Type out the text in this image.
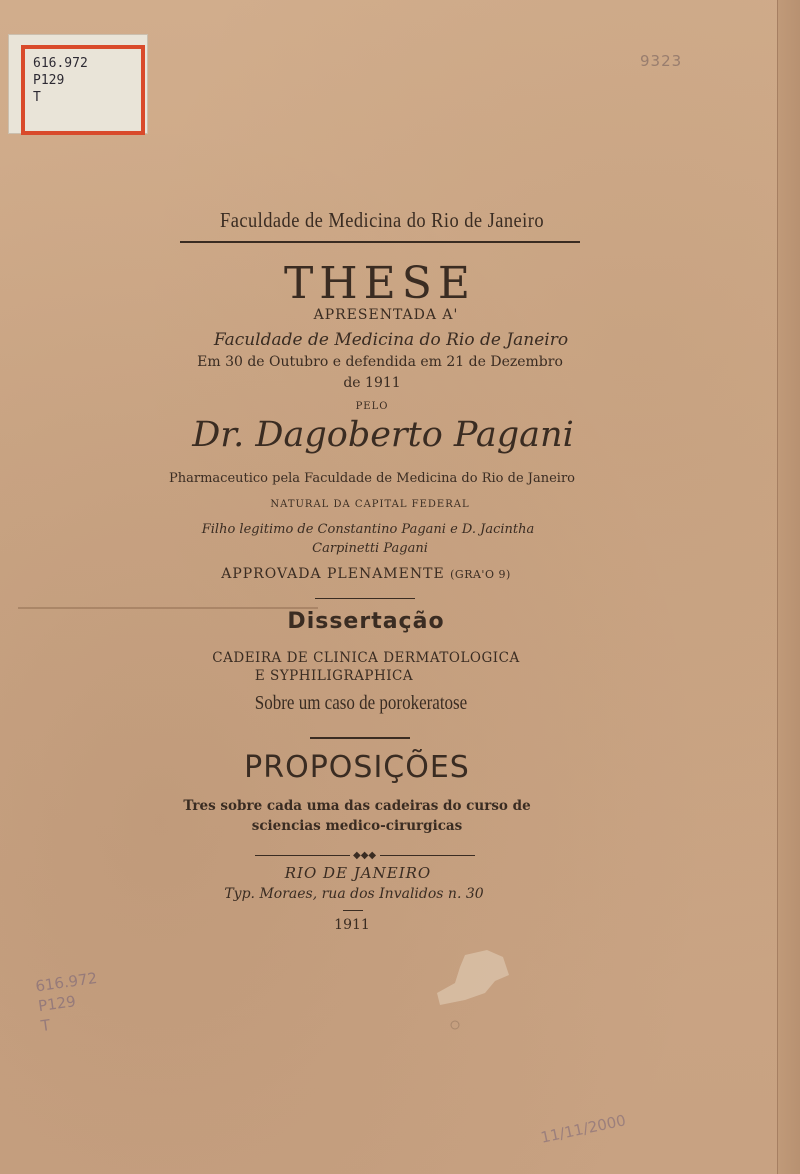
616.972
P129
T
9323
616.972
P129
T
11/11/2000
Faculdade de Medicina do Rio de Janeiro
THESE
APRESENTADA A'
Faculdade de Medicina do Rio de Janeiro
Em 30 de Outubro e defendida em 21 de Dezembro
de 1911
PELO
Dr. Dagoberto Pagani
Pharmaceutico pela Faculdade de Medicina do Rio de Janeiro
NATURAL DA CAPITAL FEDERAL
Filho legitimo de Constantino Pagani e D. Jacintha
Carpinetti Pagani
APPROVADA PLENAMENTE (GRA'O 9)
Dissertação
CADEIRA DE CLINICA DERMATOLOGICA
E SYPHILIGRAPHICA
Sobre um caso de porokeratose
PROPOSIÇÕES
Tres sobre cada uma das cadeiras do curso de
sciencias medico-cirurgicas
◆◆◆
RIO DE JANEIRO
Typ. Moraes, rua dos Invalidos n. 30
1911
